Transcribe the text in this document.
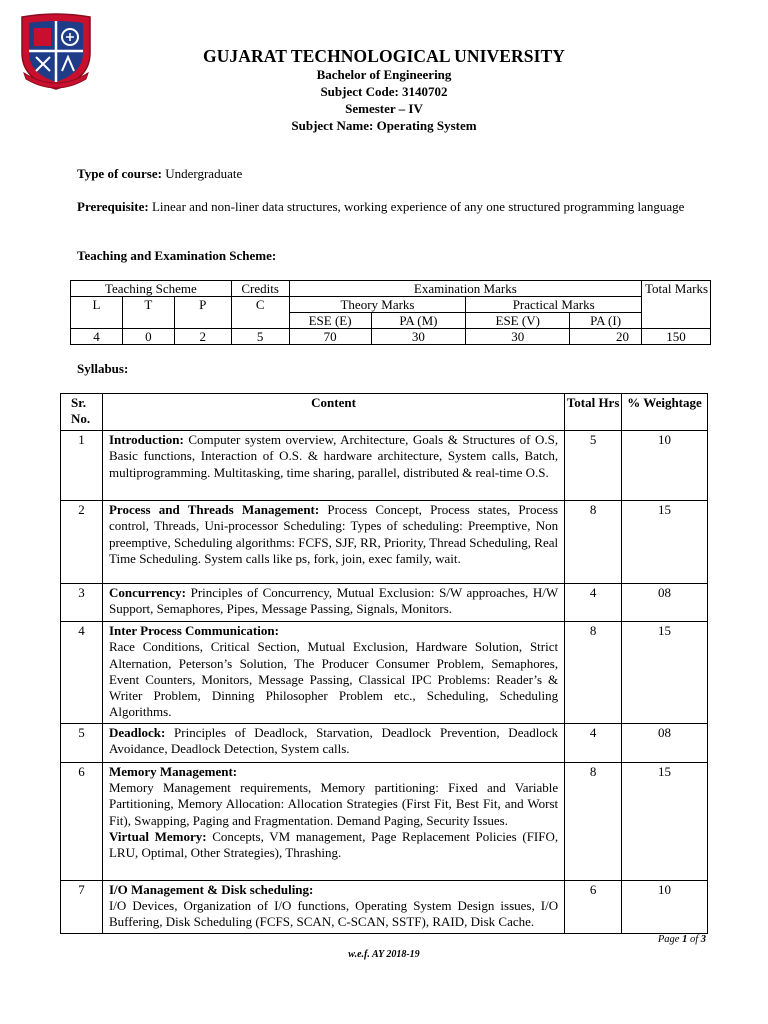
GUJARAT TECHNOLOGICAL UNIVERSITY
Bachelor of Engineering
Subject Code: 3140702
Semester – IV
Subject Name: Operating System
Type of course: Undergraduate
Prerequisite: Linear and non-liner data structures, working experience of any one structured programming language
Teaching and Examination Scheme:
Teaching Scheme			Credits	Examination Marks				Total Marks
L	T	P	C	Theory Marks		Practical Marks		
				ESE (E)	PA (M)	ESE (V)	PA (I)	
4	0	2	5	70	30	30	20	150
Syllabus:
Sr. No.	Content	Total Hrs	% Weightage
1	Introduction: Computer system overview, Architecture, Goals & Structures of O.S, Basic functions, Interaction of O.S. & hardware architecture, System calls, Batch, multiprogramming. Multitasking, time sharing, parallel, distributed & real-time O.S.	5	10
2	Process and Threads Management: Process Concept, Process states, Process control, Threads, Uni-processor Scheduling: Types of scheduling: Preemptive, Non preemptive, Scheduling algorithms: FCFS, SJF, RR, Priority, Thread Scheduling, Real Time Scheduling. System calls like ps, fork, join, exec family, wait.	8	15
3	Concurrency: Principles of Concurrency, Mutual Exclusion: S/W approaches, H/W Support, Semaphores, Pipes, Message Passing, Signals, Monitors.	4	08
4	Inter Process Communication:
Race Conditions, Critical Section, Mutual Exclusion, Hardware Solution, Strict Alternation, Peterson’s Solution, The Producer Consumer Problem, Semaphores, Event Counters, Monitors, Message Passing, Classical IPC Problems: Reader’s & Writer Problem, Dinning Philosopher Problem etc., Scheduling, Scheduling Algorithms.	8	15
5	Deadlock: Principles of Deadlock, Starvation, Deadlock Prevention, Deadlock Avoidance, Deadlock Detection, System calls.	4	08
6	Memory Management:
Memory Management requirements, Memory partitioning: Fixed and Variable Partitioning, Memory Allocation: Allocation Strategies (First Fit, Best Fit, and Worst Fit), Swapping, Paging and Fragmentation. Demand Paging, Security Issues.
Virtual Memory: Concepts, VM management, Page Replacement Policies (FIFO, LRU, Optimal, Other Strategies), Thrashing.	8	15
7	I/O Management & Disk scheduling:
I/O Devices, Organization of I/O functions, Operating System Design issues, I/O Buffering, Disk Scheduling (FCFS, SCAN, C-SCAN, SSTF), RAID, Disk Cache.	6	10
Page 1 of 3
w.e.f. AY 2018-19
